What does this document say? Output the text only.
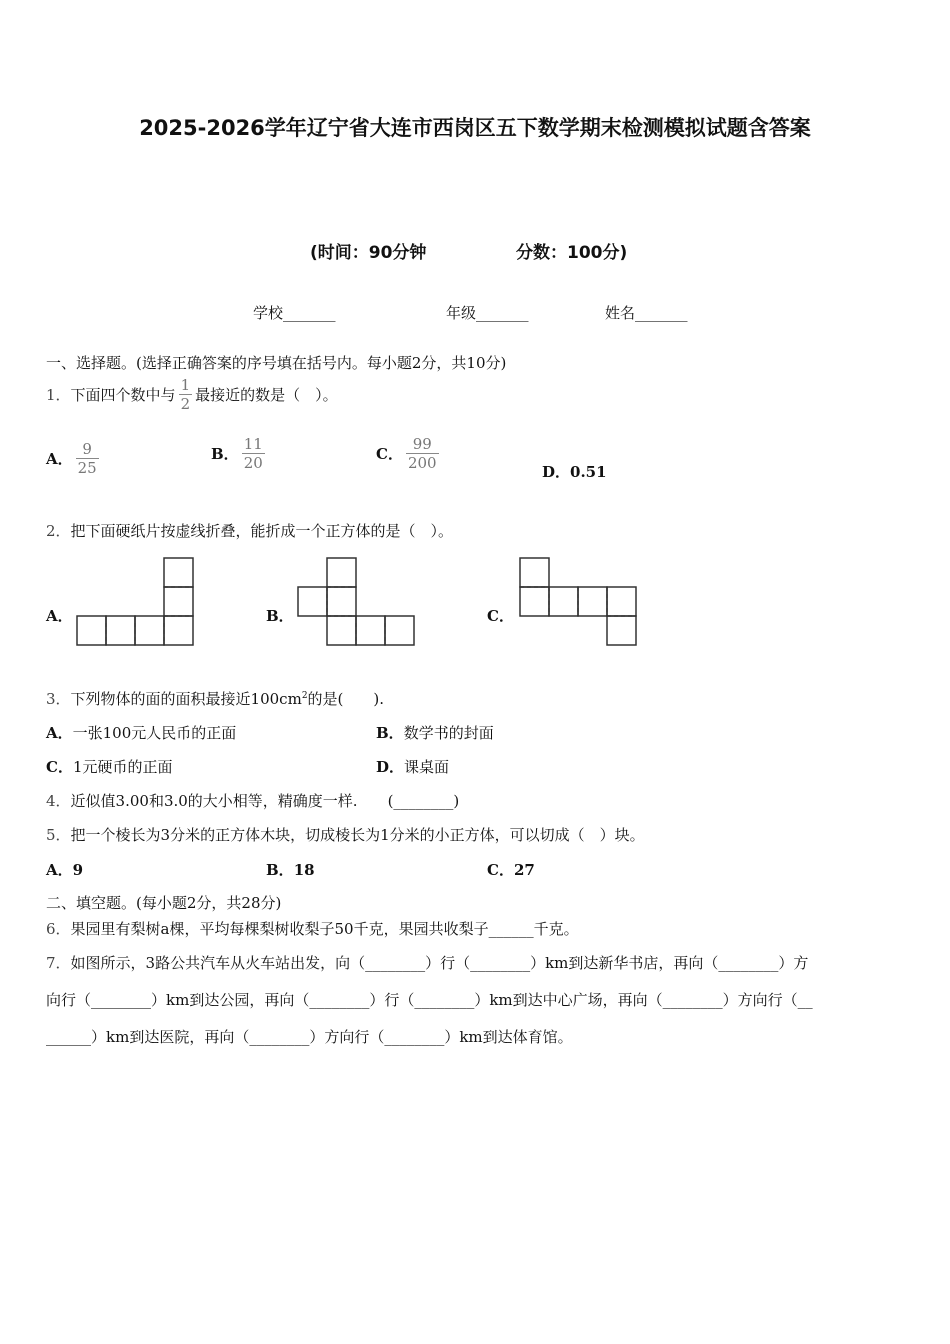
2025-2026学年辽宁省大连市西岗区五下数学期末检测模拟试题含答案
(时间：90分钟	分数：100分)
学校_______	年级_______	姓名_______
一、选择题。(选择正确答案的序号填在括号内。每小题2分，共10分)
1． 下面四个数中与 $\frac{1}{2}$ 最接近的数是（　）。
A． $\frac{9}{25}$	B． $\frac{11}{20}$	C． $\frac{99}{200}$	D．0.51
2．把下面硬纸片按虚线折叠，能折成一个正方体的是（　）。
A．	B．	C．
3．下列物体的面的面积最接近$100cm^2$的是(　　).
A．一张100元人民币的正面	B．数学书的封面
C．1元硬币的正面	D．课桌面
4．近似值3.00和3.0的大小相等，精确度一样.　　(________)
5．把一个棱长为3分米的正方体木块，切成棱长为1分米的小正方体，可以切成（　）块。
A．9	B．18	C．27
二、填空题。(每小题2分，共28分)
6．果园里有梨树a棵，平均每棵梨树收梨子50千克，果园共收梨子______千克。
7．如图所示，3路公共汽车从火车站出发，向（________）行（________）km到达新华书店，再向（________）方
向行（________）km到达公园，再向（________）行（________）km到达中心广场，再向（________）方向行（__
______）km到达医院，再向（________）方向行（________）km到达体育馆。
